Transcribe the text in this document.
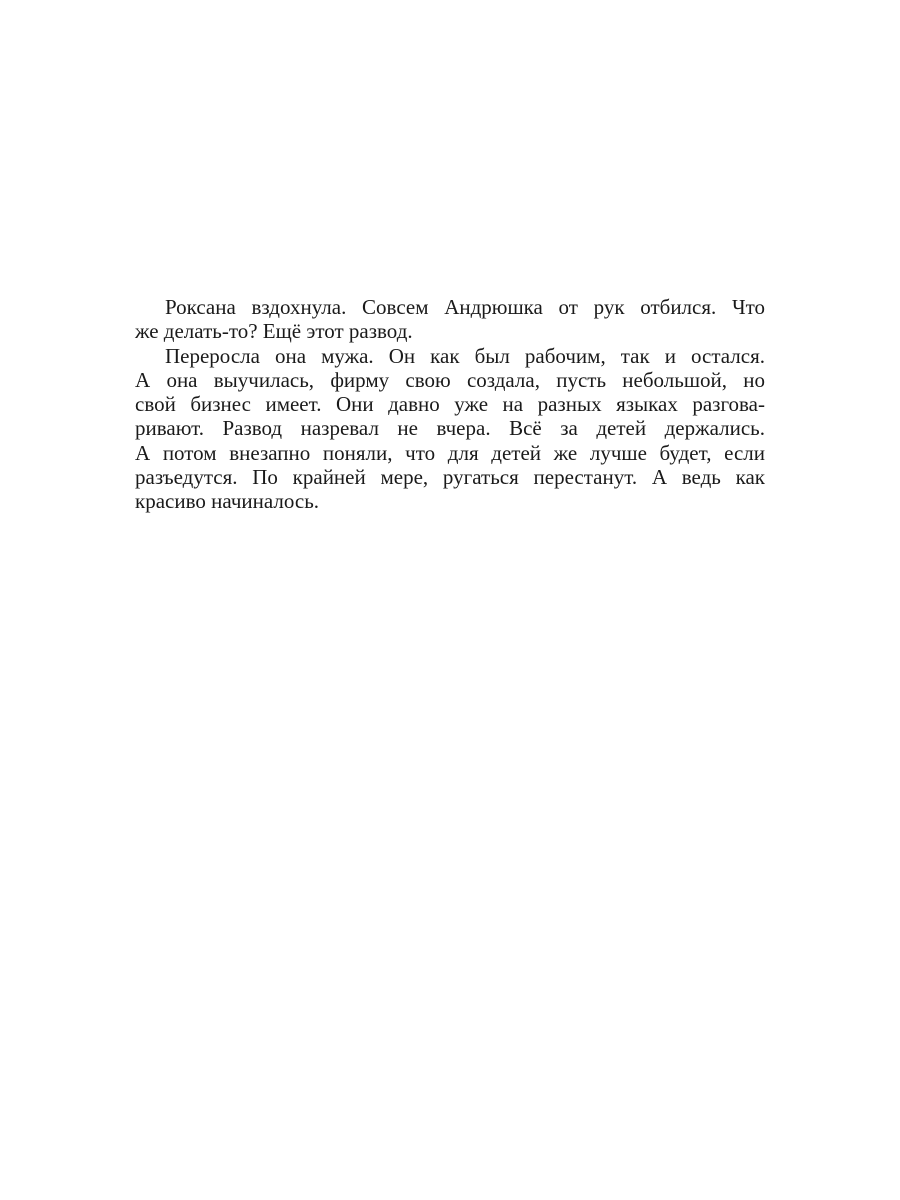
Роксана вздохнула. Совсем Андрюшка от рук отбился. Что
же делать-то? Ещё этот развод.
Переросла она мужа. Он как был рабочим, так и остался.
А она выучилась, фирму свою создала, пусть небольшой, но
свой бизнес имеет. Они давно уже на разных языках разгова-
ривают. Развод назревал не вчера. Всё за детей держались.
А потом внезапно поняли, что для детей же лучше будет, если
разъедутся. По крайней мере, ругаться перестанут. А ведь как
красиво начиналось.
